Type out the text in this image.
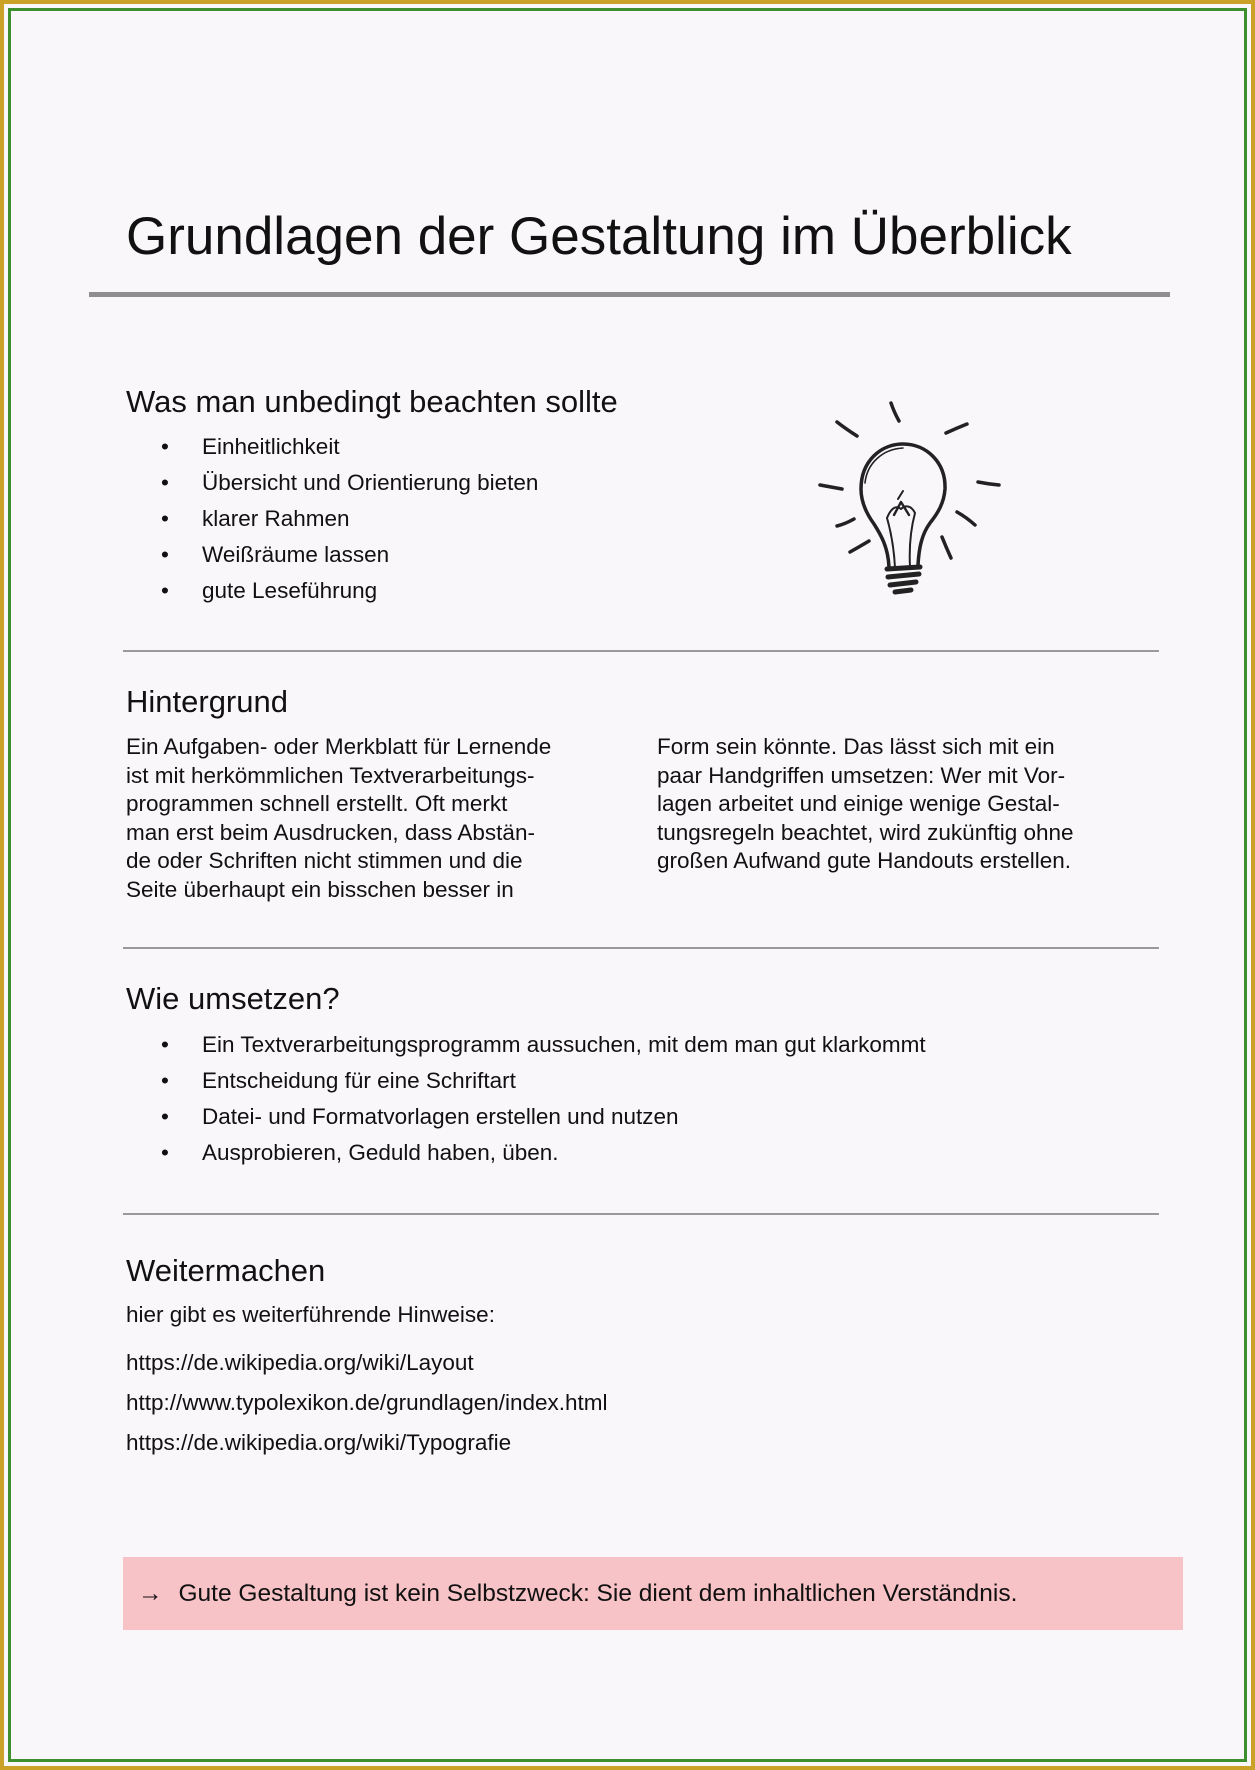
Grundlagen der Gestaltung im Überblick
Was man unbedingt beachten sollte
• Einheitlichkeit
• Übersicht und Orientierung bieten
• klarer Rahmen
• Weißräume lassen
• gute Leseführung
Hintergrund
Ein Aufgaben- oder Merkblatt für Lernende
ist mit herkömmlichen Textverarbeitungs-
programmen schnell erstellt. Oft merkt
man erst beim Ausdrucken, dass Abstän-
de oder Schriften nicht stimmen und die
Seite überhaupt ein bisschen besser in
Form sein könnte. Das lässt sich mit ein
paar Handgriffen umsetzen: Wer mit Vor-
lagen arbeitet und einige wenige Gestal-
tungsregeln beachtet, wird zukünftig ohne
großen Aufwand gute Handouts erstellen.
Wie umsetzen?
• Ein Textverarbeitungsprogramm aussuchen, mit dem man gut klarkommt
• Entscheidung für eine Schriftart
• Datei- und Formatvorlagen erstellen und nutzen
• Ausprobieren, Geduld haben, üben.
Weitermachen
hier gibt es weiterführende Hinweise:
https://de.wikipedia.org/wiki/Layout
http://www.typolexikon.de/grundlagen/index.html
https://de.wikipedia.org/wiki/Typografie
→ Gute Gestaltung ist kein Selbstzweck: Sie dient dem inhaltlichen Verständnis.
